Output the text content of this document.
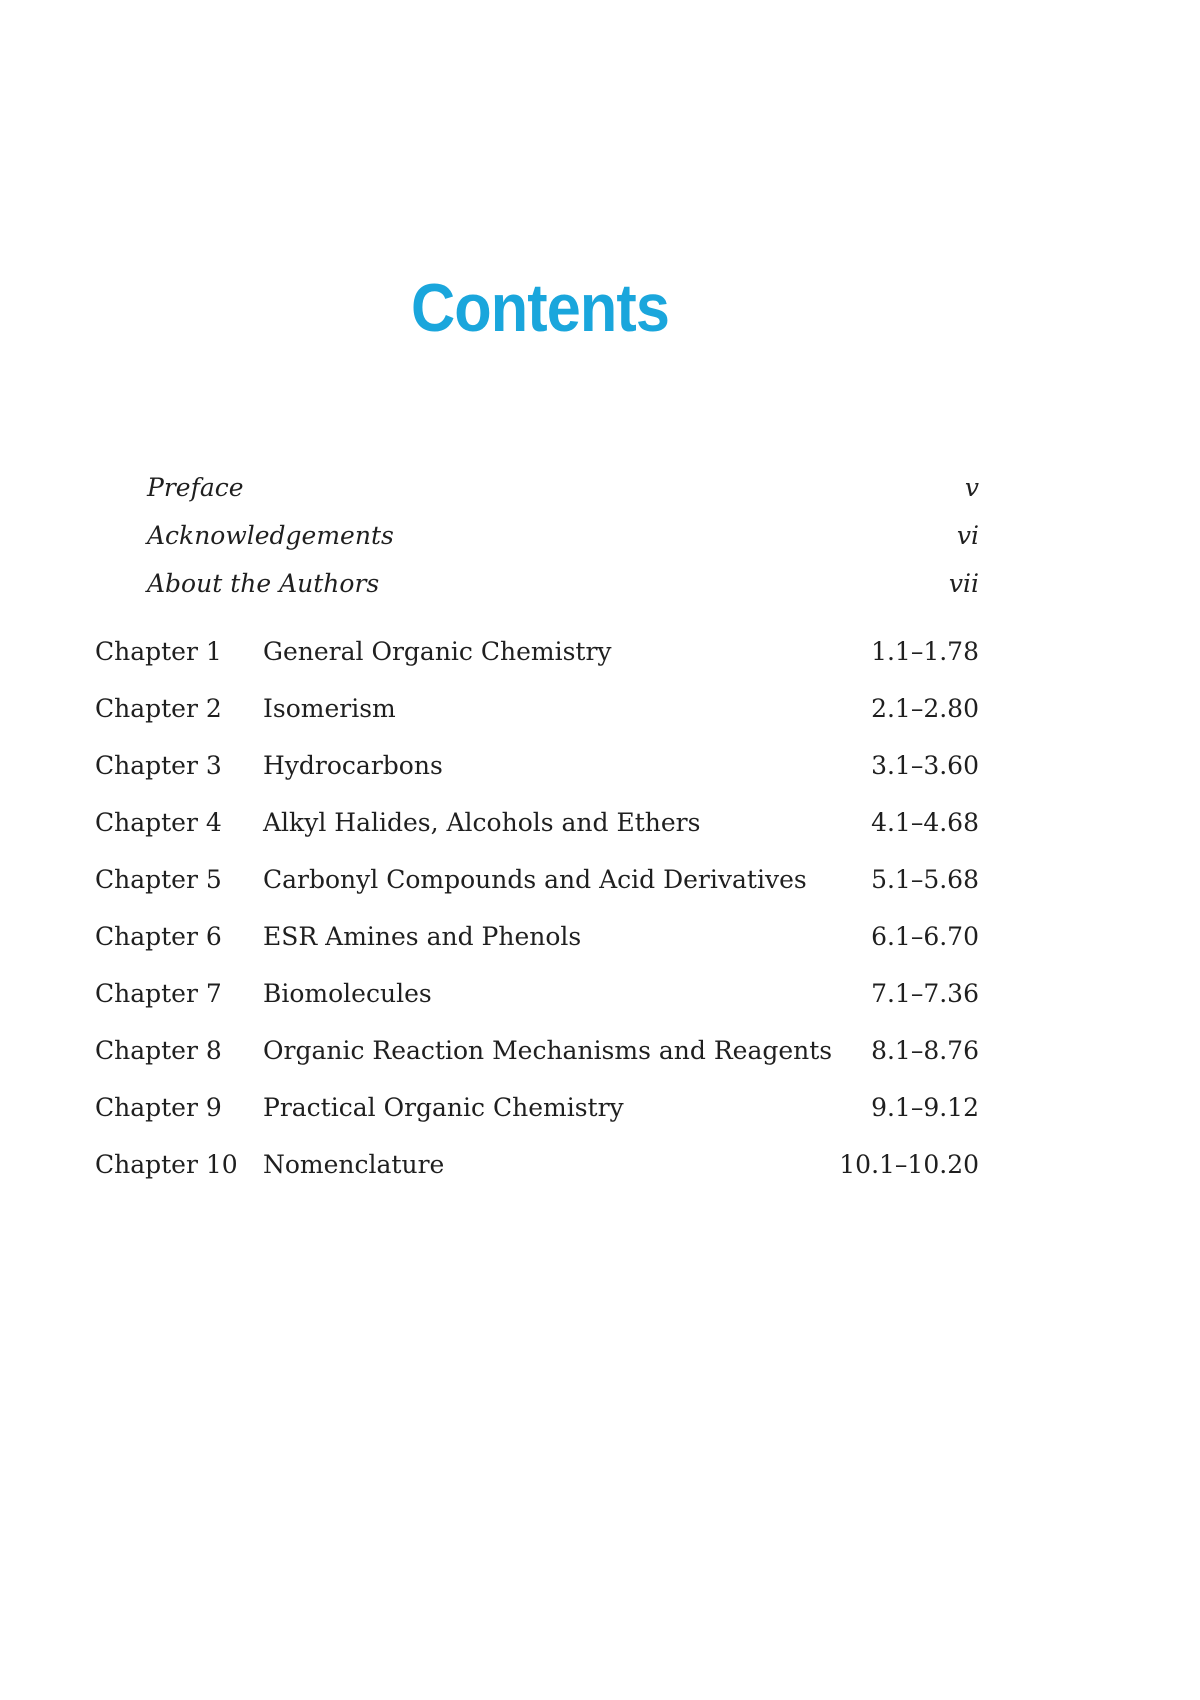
Contents
Preface	v
Acknowledgements	vi
About the Authors	vii
Chapter 1	General Organic Chemistry	1.1–1.78
Chapter 2	Isomerism	2.1–2.80
Chapter 3	Hydrocarbons	3.1–3.60
Chapter 4	Alkyl Halides, Alcohols and Ethers	4.1–4.68
Chapter 5	Carbonyl Compounds and Acid Derivatives	5.1–5.68
Chapter 6	ESR Amines and Phenols	6.1–6.70
Chapter 7	Biomolecules	7.1–7.36
Chapter 8	Organic Reaction Mechanisms and Reagents	8.1–8.76
Chapter 9	Practical Organic Chemistry	9.1–9.12
Chapter 10	Nomenclature	10.1–10.20
